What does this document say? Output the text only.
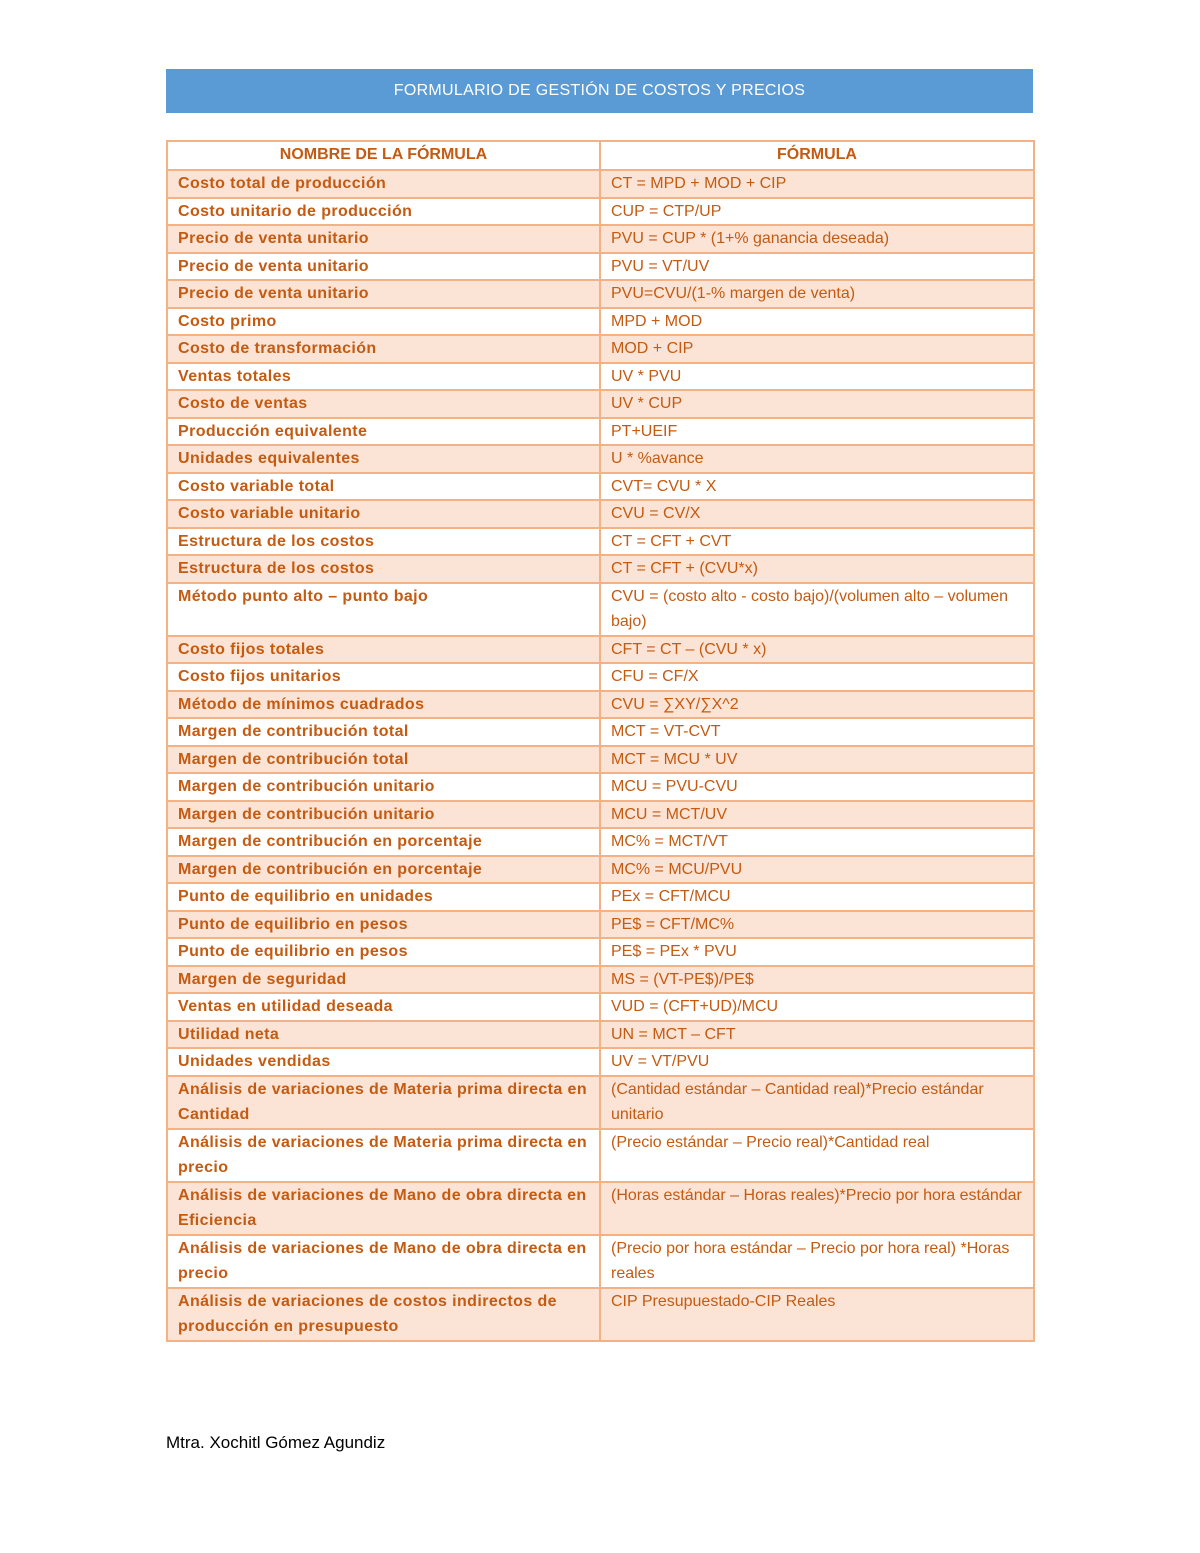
FORMULARIO DE GESTIÓN DE COSTOS Y PRECIOS
NOMBRE DE LA FÓRMULA	FÓRMULA
Costo total de producción	CT = MPD + MOD + CIP
Costo unitario de producción	CUP = CTP/UP
Precio de venta unitario	PVU = CUP * (1+% ganancia deseada)
Precio de venta unitario	PVU = VT/UV
Precio de venta unitario	PVU=CVU/(1-% margen de venta)
Costo primo	MPD + MOD
Costo de transformación	MOD + CIP
Ventas totales	UV * PVU
Costo de ventas	UV * CUP
Producción equivalente	PT+UEIF
Unidades equivalentes	U * %avance
Costo variable total	CVT= CVU * X
Costo variable unitario	CVU = CV/X
Estructura de los costos	CT = CFT + CVT
Estructura de los costos	CT = CFT + (CVU*x)
Método punto alto – punto bajo	CVU = (costo alto - costo bajo)/(volumen alto – volumen bajo)
Costo fijos totales	CFT = CT – (CVU * x)
Costo fijos unitarios	CFU = CF/X
Método de mínimos cuadrados	CVU = ∑XY/∑X^2
Margen de contribución total	MCT = VT-CVT
Margen de contribución total	MCT = MCU * UV
Margen de contribución unitario	MCU = PVU-CVU
Margen de contribución unitario	MCU = MCT/UV
Margen de contribución en porcentaje	MC% = MCT/VT
Margen de contribución en porcentaje	MC% = MCU/PVU
Punto de equilibrio en unidades	PEx = CFT/MCU
Punto de equilibrio en pesos	PE$ = CFT/MC%
Punto de equilibrio en pesos	PE$ = PEx * PVU
Margen de seguridad	MS = (VT-PE$)/PE$
Ventas en utilidad deseada	VUD = (CFT+UD)/MCU
Utilidad neta	UN = MCT – CFT
Unidades vendidas	UV = VT/PVU
Análisis de variaciones de Materia prima directa en Cantidad	(Cantidad estándar – Cantidad real)*Precio estándar unitario
Análisis de variaciones de Materia prima directa en precio	(Precio estándar – Precio real)*Cantidad real
Análisis de variaciones de Mano de obra directa en Eficiencia	(Horas estándar – Horas reales)*Precio por hora estándar
Análisis de variaciones de Mano de obra directa en precio	(Precio por hora estándar – Precio por hora real) *Horas reales
Análisis de variaciones de costos indirectos de producción en presupuesto	CIP Presupuestado-CIP Reales
Mtra. Xochitl Gómez Agundiz
